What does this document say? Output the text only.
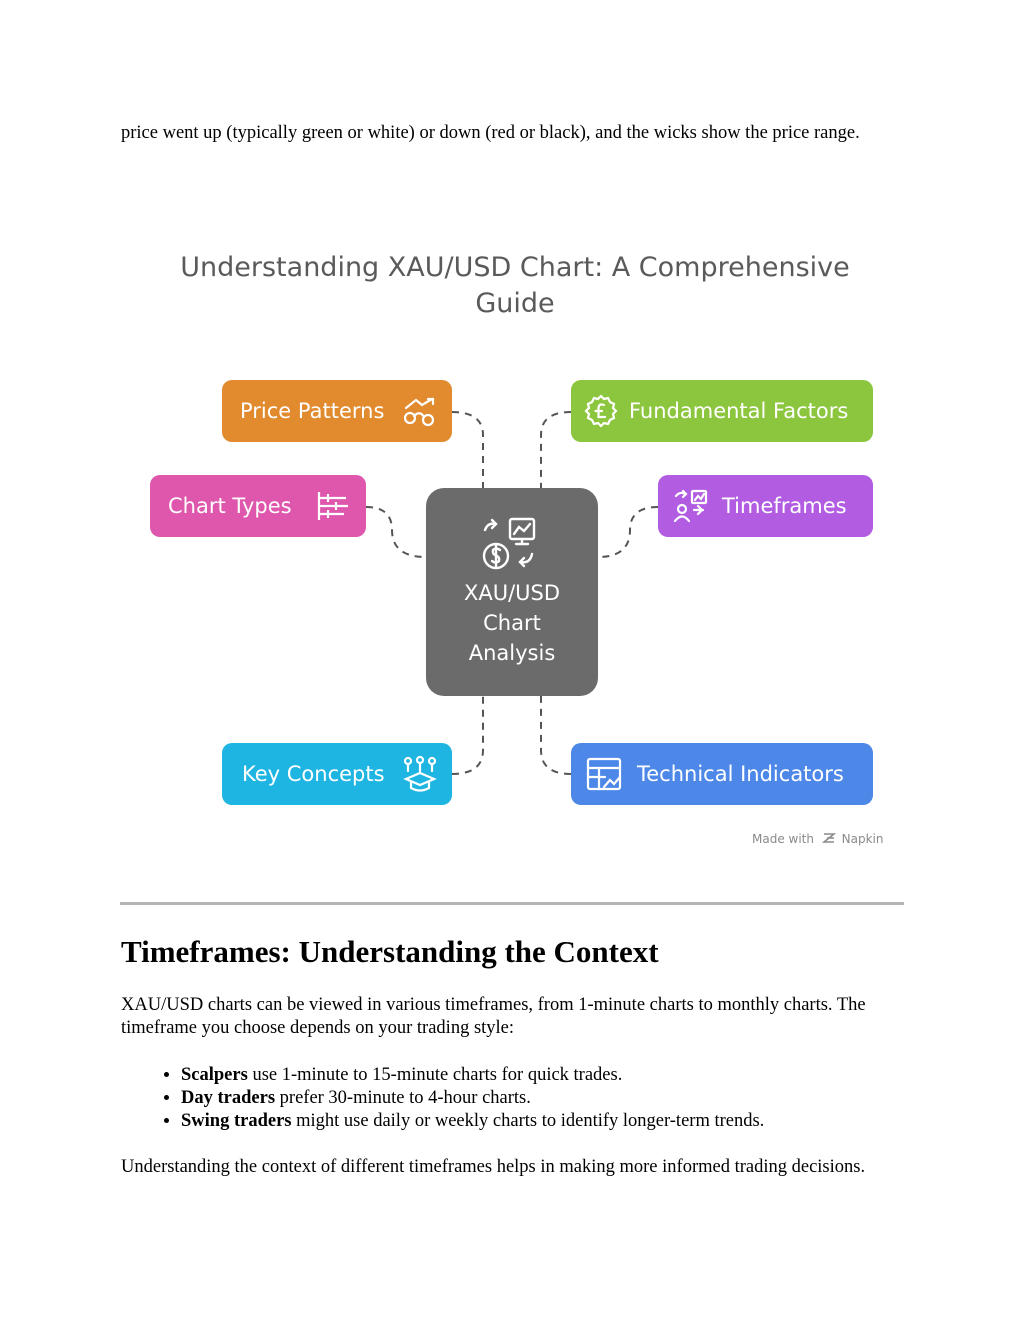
price went up (typically green or white) or down (red or black), and the wicks show the price range.

Understanding XAU/USD Chart: A Comprehensive
Guide
Price Patterns	Fundamental Factors
Chart Types	Timeframes
XAU/USD
Chart
Analysis
Key Concepts	Technical Indicators
Made with Napkin
Timeframes: Understanding the Context

XAU/USD charts can be viewed in various timeframes, from 1-minute charts to monthly charts. The timeframe you choose depends on your trading style:

• Scalpers use 1-minute to 15-minute charts for quick trades.
• Day traders prefer 30-minute to 4-hour charts.
• Swing traders might use daily or weekly charts to identify longer-term trends.

Understanding the context of different timeframes helps in making more informed trading decisions.
